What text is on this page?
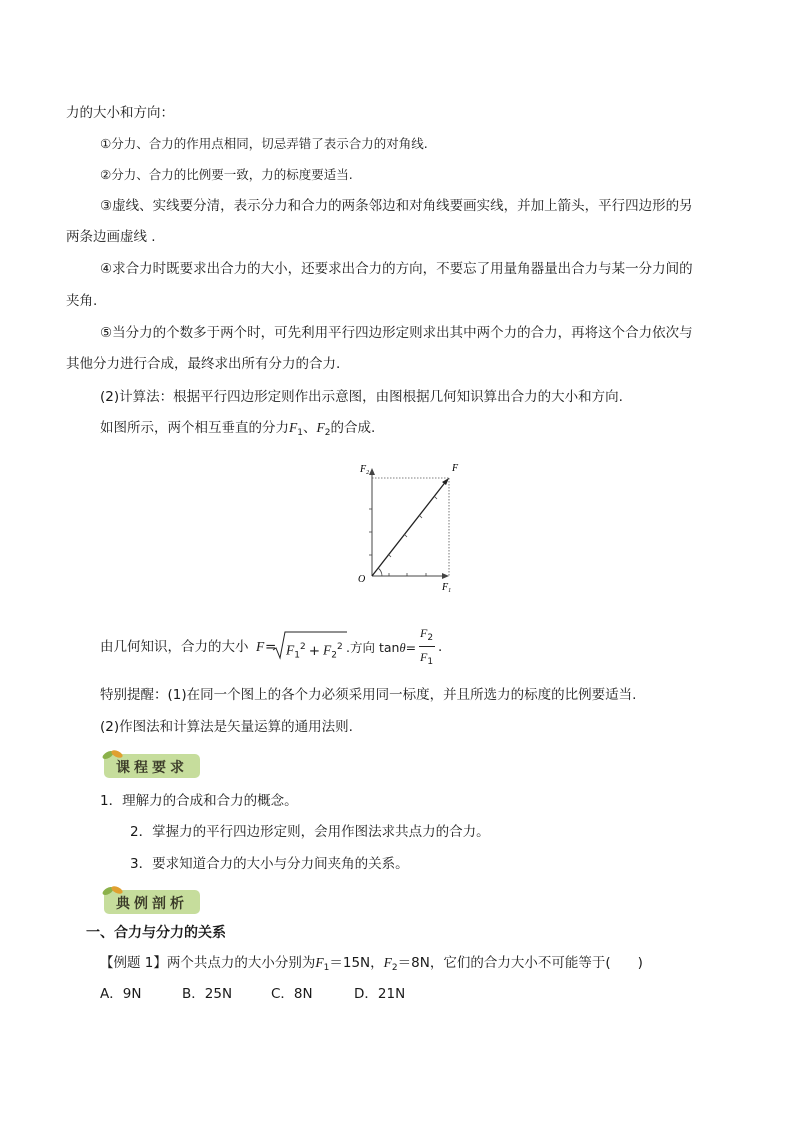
力的大小和方向：
①分力、合力的作用点相同，切忌弄错了表示合力的对角线.
②分力、合力的比例要一致，力的标度要适当.
③虚线、实线要分清，表示分力和合力的两条邻边和对角线要画实线，并加上箭头，平行四边形的另
两条边画虚线 .
④求合力时既要求出合力的大小，还要求出合力的方向，不要忘了用量角器量出合力与某一分力间的
夹角.
⑤当分力的个数多于两个时，可先利用平行四边形定则求出其中两个力的合力，再将这个合力依次与
其他分力进行合成，最终求出所有分力的合力.
(2)计算法：根据平行四边形定则作出示意图，由图根据几何知识算出合力的大小和方向.
如图所示，两个相互垂直的分力$F_1$、$F_2$的合成.
$F_2$	F
O
$F_1$
由几何知识，合力的大小 $F = F_1^2 + F_2^2$ .方向 tanθ=
$F_2$
$F_1$
.
特别提醒：(1)在同一个图上的各个力必须采用同一标度，并且所选力的标度的比例要适当.
(2)作图法和计算法是矢量运算的通用法则.
课程要求
1．理解力的合成和合力的概念。
2．掌握力的平行四边形定则，会用作图法求共点力的合力。
3．要求知道合力的大小与分力间夹角的关系。
典例剖析
一、合力与分力的关系
【例题 1】两个共点力的大小分别为$F_1=15N$，$F_2=8N$，它们的合力大小不可能等于(　　)
A．9N	B．25N	C．8N	D．21N
